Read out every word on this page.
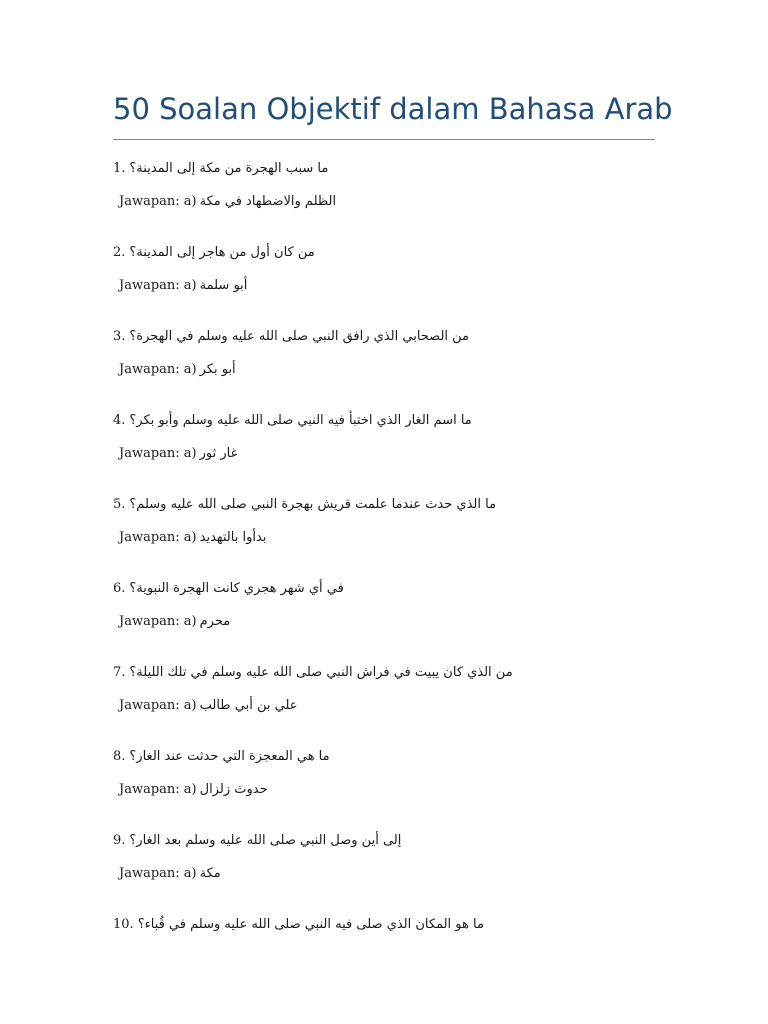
50 Soalan Objektif dalam Bahasa Arab
1. ما سبب الهجرة من مكة إلى المدينة؟
Jawapan: a) الظلم والاضطهاد في مكة
2. من كان أول من هاجر إلى المدينة؟
Jawapan: a) أبو سلمة
3. من الصحابي الذي رافق النبي صلى الله عليه وسلم في الهجرة؟
Jawapan: a) أبو بكر
4. ما اسم الغار الذي اختبأ فيه النبي صلى الله عليه وسلم وأبو بكر؟
Jawapan: a) غار ثور
5. ما الذي حدث عندما علمت قريش بهجرة النبي صلى الله عليه وسلم؟
Jawapan: a) بدأوا بالتهديد
6. في أي شهر هجري كانت الهجرة النبوية؟
Jawapan: a) محرم
7. من الذي كان يبيت في فراش النبي صلى الله عليه وسلم في تلك الليلة؟
Jawapan: a) علي بن أبي طالب
8. ما هي المعجزة التي حدثت عند الغار؟
Jawapan: a) حدوث زلزال
9. إلى أين وصل النبي صلى الله عليه وسلم بعد الغار؟
Jawapan: a) مكة
10. ما هو المكان الذي صلى فيه النبي صلى الله عليه وسلم في قُباء؟
